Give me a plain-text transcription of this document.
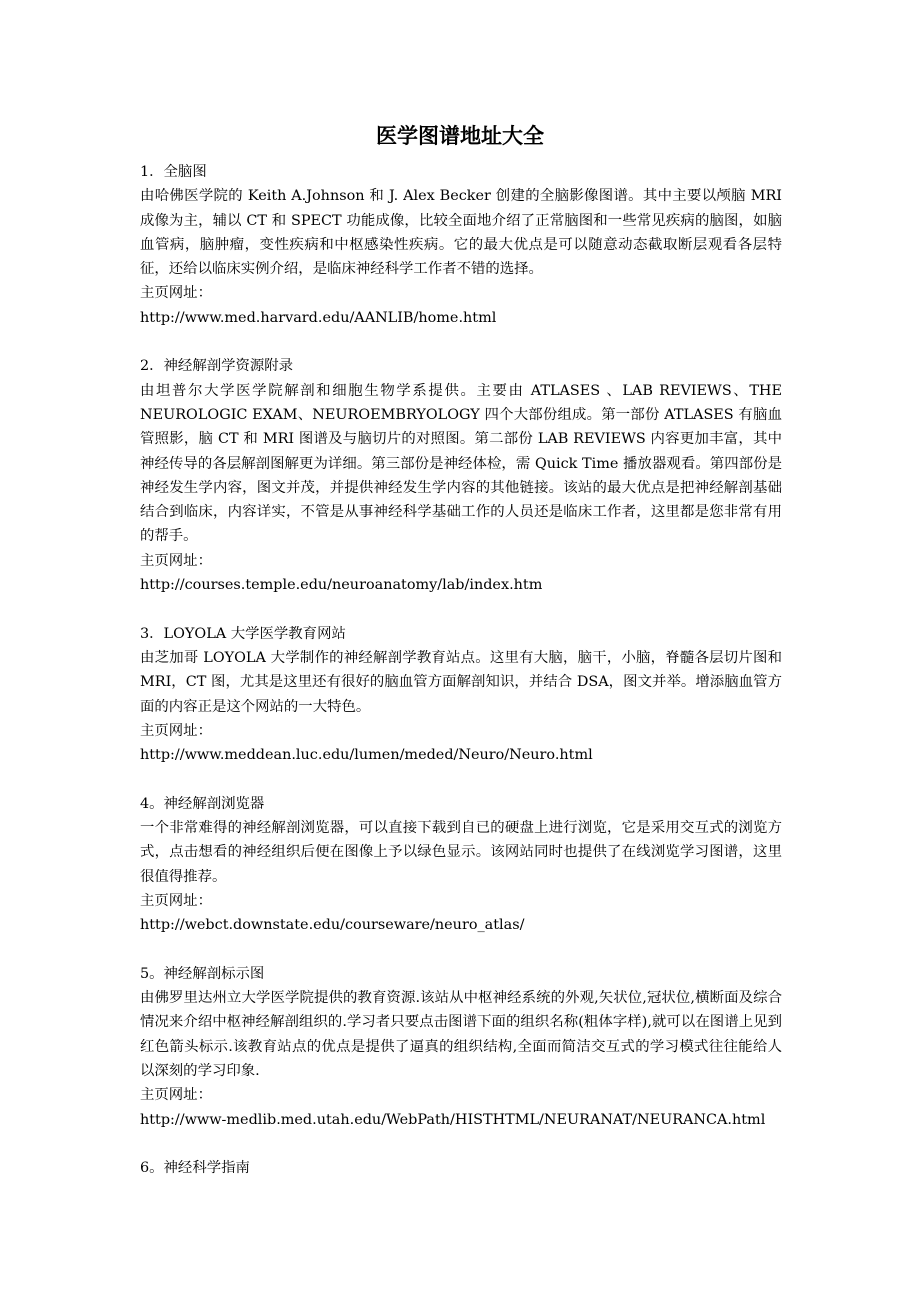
医学图谱地址大全
1．全脑图

由哈佛医学院的 Keith A.Johnson 和 J. Alex Becker 创建的全脑影像图谱。其中主要以颅脑 MRI 成像为主，辅以 CT 和 SPECT 功能成像，比较全面地介绍了正常脑图和一些常见疾病的脑图，如脑血管病，脑肿瘤，变性疾病和中枢感染性疾病。它的最大优点是可以随意动态截取断层观看各层特征，还给以临床实例介绍，是临床神经科学工作者不错的选择。

主页网址：
http://www.med.harvard.edu/AANLIB/home.html
2．神经解剖学资源附录

由坦普尔大学医学院解剖和细胞生物学系提供。主要由 ATLASES 、LAB REVIEWS、THE NEUROLOGIC EXAM、NEUROEMBRYOLOGY 四个大部份组成。第一部份 ATLASES 有脑血管照影，脑 CT 和 MRI 图谱及与脑切片的对照图。第二部份 LAB REVIEWS 内容更加丰富，其中神经传导的各层解剖图解更为详细。第三部份是神经体检，需 Quick Time 播放器观看。第四部份是神经发生学内容，图文并茂，并提供神经发生学内容的其他链接。该站的最大优点是把神经解剖基础结合到临床，内容详实，不管是从事神经科学基础工作的人员还是临床工作者，这里都是您非常有用的帮手。

主页网址：
http://courses.temple.edu/neuroanatomy/lab/index.htm
3．LOYOLA 大学医学教育网站

由芝加哥 LOYOLA 大学制作的神经解剖学教育站点。这里有大脑，脑干，小脑，脊髓各层切片图和 MRI，CT 图，尤其是这里还有很好的脑血管方面解剖知识，并结合 DSA，图文并举。增添脑血管方面的内容正是这个网站的一大特色。

主页网址：
http://www.meddean.luc.edu/lumen/meded/Neuro/Neuro.html
4。神经解剖浏览器

一个非常难得的神经解剖浏览器，可以直接下载到自已的硬盘上进行浏览，它是采用交互式的浏览方式，点击想看的神经组织后便在图像上予以绿色显示。该网站同时也提供了在线浏览学习图谱，这里很值得推荐。

主页网址：
http://webct.downstate.edu/courseware/neuro_atlas/
5。神经解剖标示图

由佛罗里达州立大学医学院提供的教育资源.该站从中枢神经系统的外观,矢状位,冠状位,横断面及综合情况来介绍中枢神经解剖组织的.学习者只要点击图谱下面的组织名称(粗体字样),就可以在图谱上见到红色箭头标示.该教育站点的优点是提供了逼真的组织结构,全面而简洁交互式的学习模式往往能给人以深刻的学习印象.

主页网址：
http://www-medlib.med.utah.edu/WebPath/HISTHTML/NEURANAT/NEURANCA.html
6。神经科学指南
